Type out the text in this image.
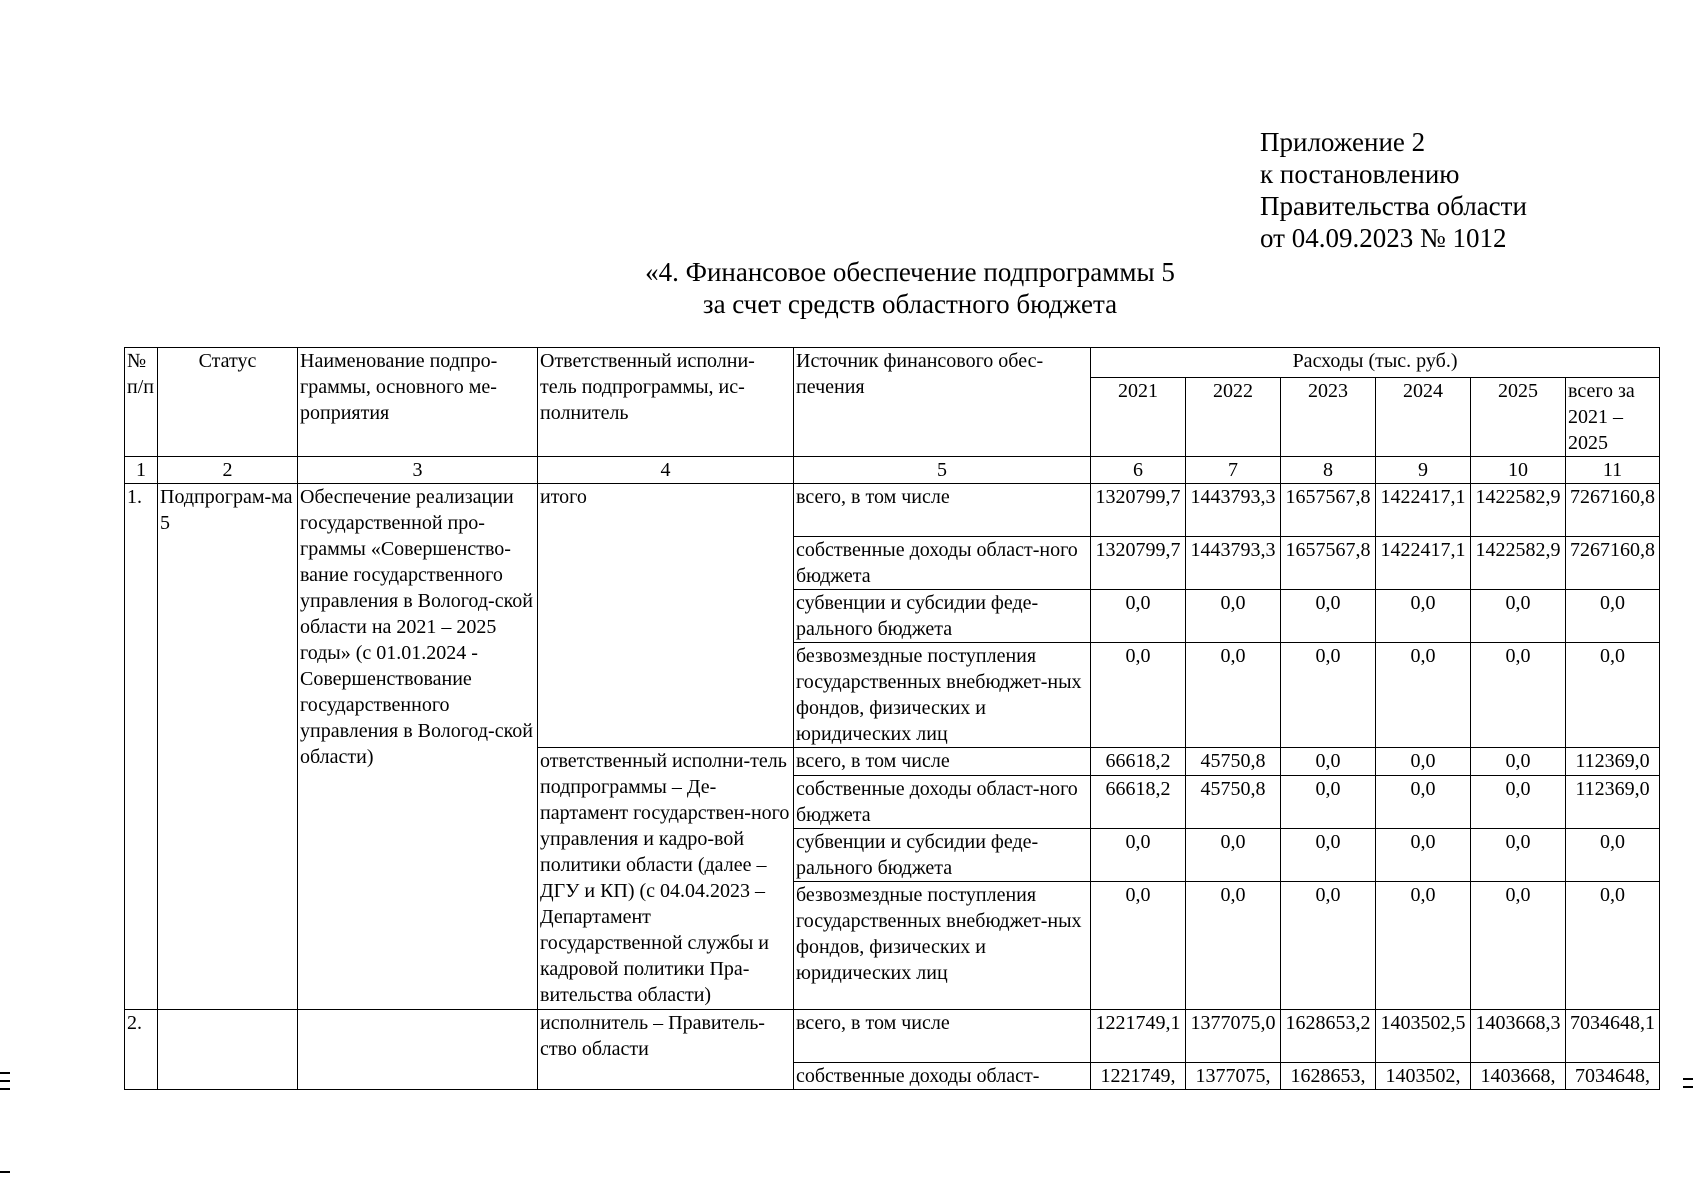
Приложение 2
к постановлению
Правительства области
от 04.09.2023 № 1012
«4. Финансовое обеспечение подпрограммы 5
за счет средств областного бюджета
№ п/п	Статус	Наименование подпро-граммы, основного ме-роприятия	Ответственный исполни-тель подпрограммы, ис-полнитель	Источник финансового обес-печения	Расходы (тыс. руб.)					
					2021	2022	2023	2024	2025	всего за 2021 – 2025
1	2	3	4	5	6	7	8	9	10	11
1.	Подпрограм-ма 5	Обеспечение реализации государственной про-граммы «Совершенство-вание государственного управления в Вологод-ской области на 2021 – 2025 годы» (с 01.01.2024 - Совершенствование государственного управления в Вологод-ской области)	итого	всего, в том числе	1320799,7	1443793,3	1657567,8	1422417,1	1422582,9	7267160,8
				собственные доходы област-ного бюджета	1320799,7	1443793,3	1657567,8	1422417,1	1422582,9	7267160,8
				субвенции и субсидии феде-рального бюджета	0,0	0,0	0,0	0,0	0,0	0,0
				безвозмездные поступления государственных внебюджет-ных фондов, физических и юридических лиц	0,0	0,0	0,0	0,0	0,0	0,0
			ответственный исполни-тель подпрограммы – Де-партамент государствен-ного управления и кадро-вой политики области (далее – ДГУ и КП) (с 04.04.2023 – Департамент государственной службы и кадровой политики Пра-вительства области)	всего, в том числе	66618,2	45750,8	0,0	0,0	0,0	112369,0
				собственные доходы област-ного бюджета	66618,2	45750,8	0,0	0,0	0,0	112369,0
				субвенции и субсидии феде-рального бюджета	0,0	0,0	0,0	0,0	0,0	0,0
				безвозмездные поступления государственных внебюджет-ных фондов, физических и юридических лиц	0,0	0,0	0,0	0,0	0,0	0,0
2.			исполнитель – Правитель-ство области	всего, в том числе	1221749,1	1377075,0	1628653,2	1403502,5	1403668,3	7034648,1
				собственные доходы област-	1221749,	1377075,	1628653,	1403502,	1403668,	7034648,
